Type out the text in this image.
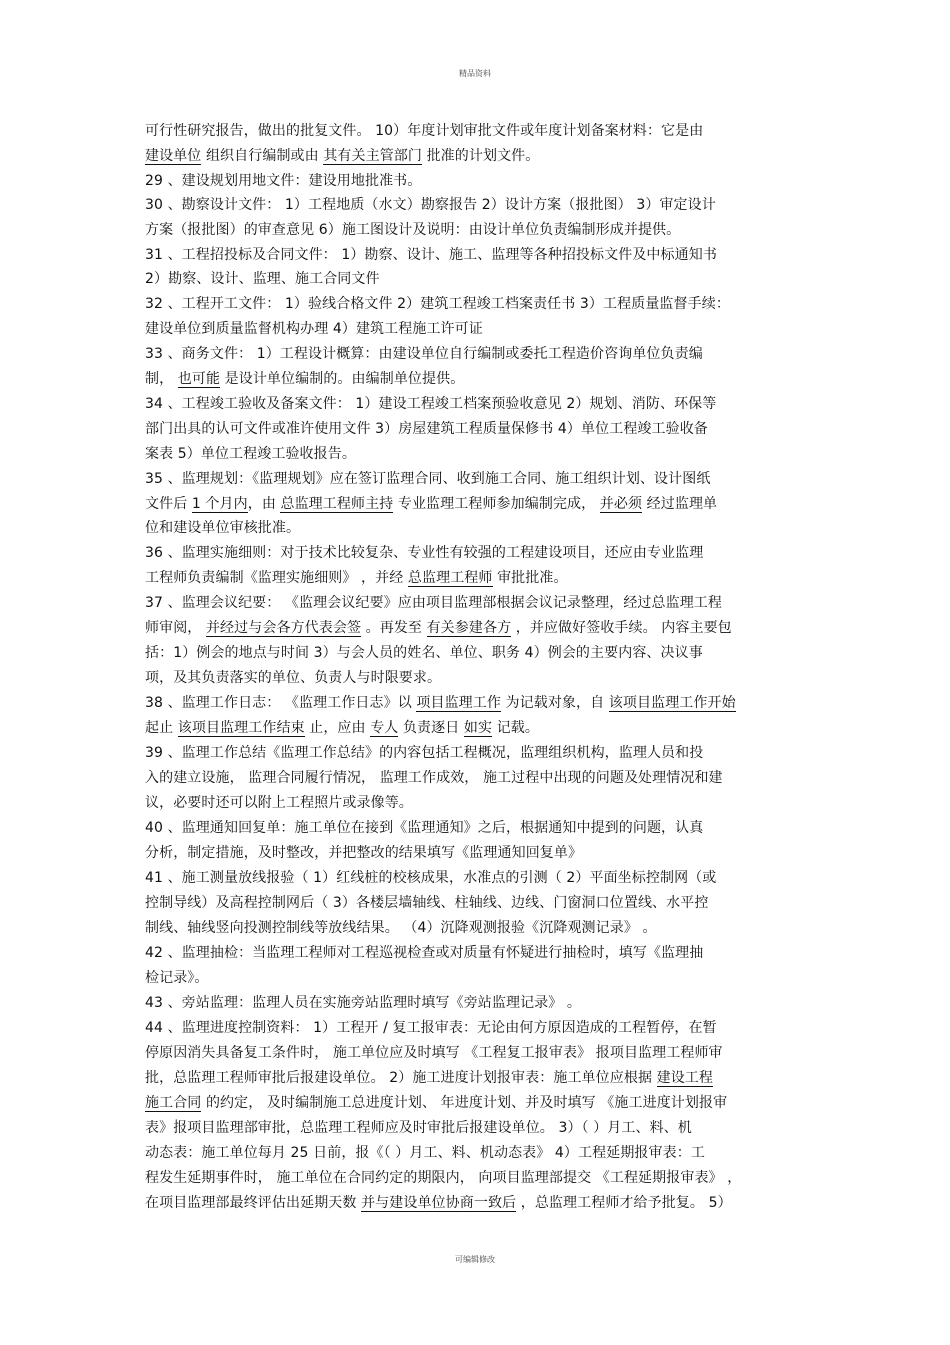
精品资料
可行性研究报告，做出的批复文件。 10）年度计划审批文件或年度计划备案材料：它是由
建设单位 组织自行编制或由 其有关主管部门 批准的计划文件。
29 、建设规划用地文件：建设用地批准书。
30 、勘察设计文件： 1）工程地质（水文）勘察报告 2）设计方案（报批图） 3）审定设计
方案（报批图）的审查意见 6）施工图设计及说明：由设计单位负责编制形成并提供。
31 、工程招投标及合同文件： 1）勘察、设计、施工、监理等各种招投标文件及中标通知书
2）勘察、设计、监理、施工合同文件
32 、工程开工文件： 1）验线合格文件 2）建筑工程竣工档案责任书 3）工程质量监督手续：
建设单位到质量监督机构办理 4）建筑工程施工许可证
33 、商务文件： 1）工程设计概算：由建设单位自行编制或委托工程造价咨询单位负责编
制， 也可能 是设计单位编制的。由编制单位提供。
34 、工程竣工验收及备案文件： 1）建设工程竣工档案预验收意见 2）规划、消防、环保等
部门出具的认可文件或准许使用文件 3）房屋建筑工程质量保修书 4）单位工程竣工验收备
案表 5）单位工程竣工验收报告。
35 、监理规划：《监理规划》应在签订监理合同、收到施工合同、施工组织计划、设计图纸
文件后 1 个月内，由 总监理工程师主持 专业监理工程师参加编制完成， 并必须 经过监理单
位和建设单位审核批准。
36 、监理实施细则：对于技术比较复杂、专业性有较强的工程建设项目，还应由专业监理
工程师负责编制《监理实施细则》 ，并经 总监理工程师 审批批准。
37 、监理会议纪要： 《监理会议纪要》应由项目监理部根据会议记录整理，经过总监理工程
师审阅， 并经过与会各方代表会签 。再发至 有关参建各方 ，并应做好签收手续。 内容主要包
括：1）例会的地点与时间 3）与会人员的姓名、单位、职务 4）例会的主要内容、决议事
项，及其负责落实的单位、负责人与时限要求。
38 、监理工作日志： 《监理工作日志》以 项目监理工作 为记载对象，自 该项目监理工作开始
起止 该项目监理工作结束 止，应由 专人 负责逐日 如实 记载。
39 、监理工作总结《监理工作总结》的内容包括工程概况，监理组织机构，监理人员和投
入的建立设施， 监理合同履行情况， 监理工作成效， 施工过程中出现的问题及处理情况和建
议，必要时还可以附上工程照片或录像等。
40 、监理通知回复单：施工单位在接到《监理通知》之后，根据通知中提到的问题，认真
分析，制定措施，及时整改，并把整改的结果填写《监理通知回复单》
41 、施工测量放线报验（ 1）红线桩的校核成果，水准点的引测（ 2）平面坐标控制网（或
控制导线）及高程控制网后（ 3）各楼层墙轴线、柱轴线、边线、门窗洞口位置线、水平控
制线、轴线竖向投测控制线等放线结果。 （4）沉降观测报验《沉降观测记录》 。
42 、监理抽检：当监理工程师对工程巡视检查或对质量有怀疑进行抽检时，填写《监理抽
检记录》。
43 、旁站监理：监理人员在实施旁站监理时填写《旁站监理记录》 。
44 、监理进度控制资料： 1）工程开 / 复工报审表：无论由何方原因造成的工程暂停，在暂
停原因消失具备复工条件时， 施工单位应及时填写 《工程复工报审表》 报项目监理工程师审
批，总监理工程师审批后报建设单位。 2）施工进度计划报审表：施工单位应根据 建设工程
施工合同 的约定， 及时编制施工总进度计划、 年进度计划、并及时填写 《施工进度计划报审
表》报项目监理部审批，总监理工程师应及时审批后报建设单位。 3）（ ）月工、料、机
动态表：施工单位每月 25 日前，报《（ ）月工、料、机动态表》 4）工程延期报审表：工
程发生延期事件时， 施工单位在合同约定的期限内， 向项目监理部提交 《工程延期报审表》 ，
在项目监理部最终评估出延期天数 并与建设单位协商一致后 ，总监理工程师才给予批复。 5）
可编辑修改
